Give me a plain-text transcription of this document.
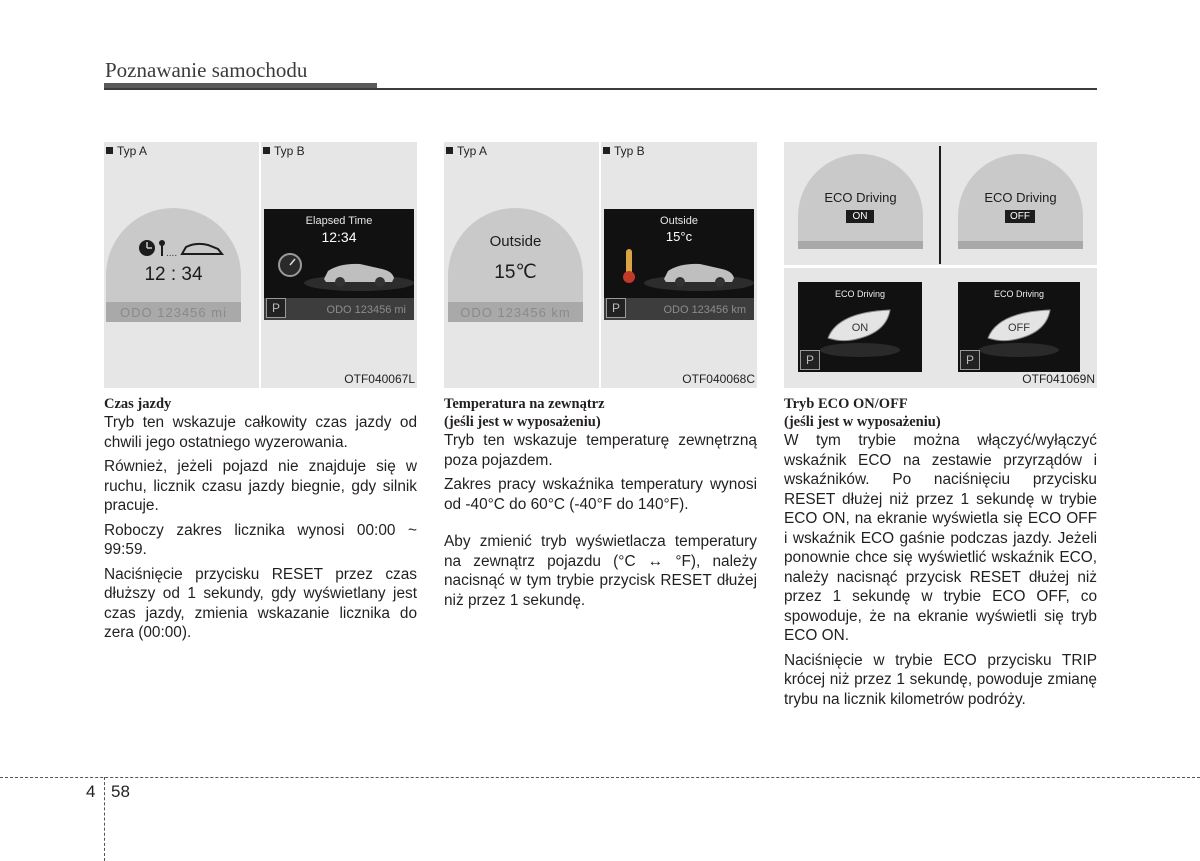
Poznawanie samochodu
Typ A
....
12 : 34
ODO 123456 mi
Typ B
Elapsed Time
12:34
P	ODO 123456 mi
OTF040067L
Typ A
Outside
15℃
ODO 123456 km
Typ B
Outside
15°c
P	ODO 123456 km
OTF040068C
ECO Driving
ON
ECO Driving
OFF
ECO Driving
ON
P
ECO Driving
OFF
P
OTF041069N

Czas jazdy

Tryb ten wskazuje całkowity czas jazdy od chwili jego ostatniego wyzerowania.

Również, jeżeli pojazd nie znajduje się w ruchu, licznik czasu jazdy biegnie, gdy silnik pracuje.

Roboczy zakres licznika wynosi 00:00 ~ 99:59.

Naciśnięcie przycisku RESET przez czas dłuższy od 1 sekundy, gdy wyświetlany jest czas jazdy, zmienia wskazanie licznika do zera (00:00).

Temperatura na zewnątrz

(jeśli jest w wyposażeniu)

Tryb ten wskazuje temperaturę zewnętrzną poza pojazdem.

Zakres pracy wskaźnika temperatury wynosi od -40°C do 60°C (-40°F do 140°F).

Aby zmienić tryb wyświetlacza temperatury na zewnątrz pojazdu (°C ↔ °F), należy nacisnąć w tym trybie przycisk RESET dłużej niż przez 1 sekundę.

Tryb ECO ON/OFF

(jeśli jest w wyposażeniu)

W tym trybie można włączyć/wyłączyć wskaźnik ECO na zestawie przyrządów i wskaźników. Po naciśnięciu przycisku RESET dłużej niż przez 1 sekundę w trybie ECO ON, na ekranie wyświetla się ECO OFF i wskaźnik ECO gaśnie podczas jazdy. Jeżeli ponownie chce się wyświetlić wskaźnik ECO, należy nacisnąć przycisk RESET dłużej niż przez 1 sekundę w trybie ECO OFF, co spowoduje, że na ekranie wyświetli się tryb ECO ON.

Naciśnięcie w trybie ECO przycisku TRIP krócej niż przez 1 sekundę, powoduje zmianę trybu na licznik kilometrów podróży.

4 58
